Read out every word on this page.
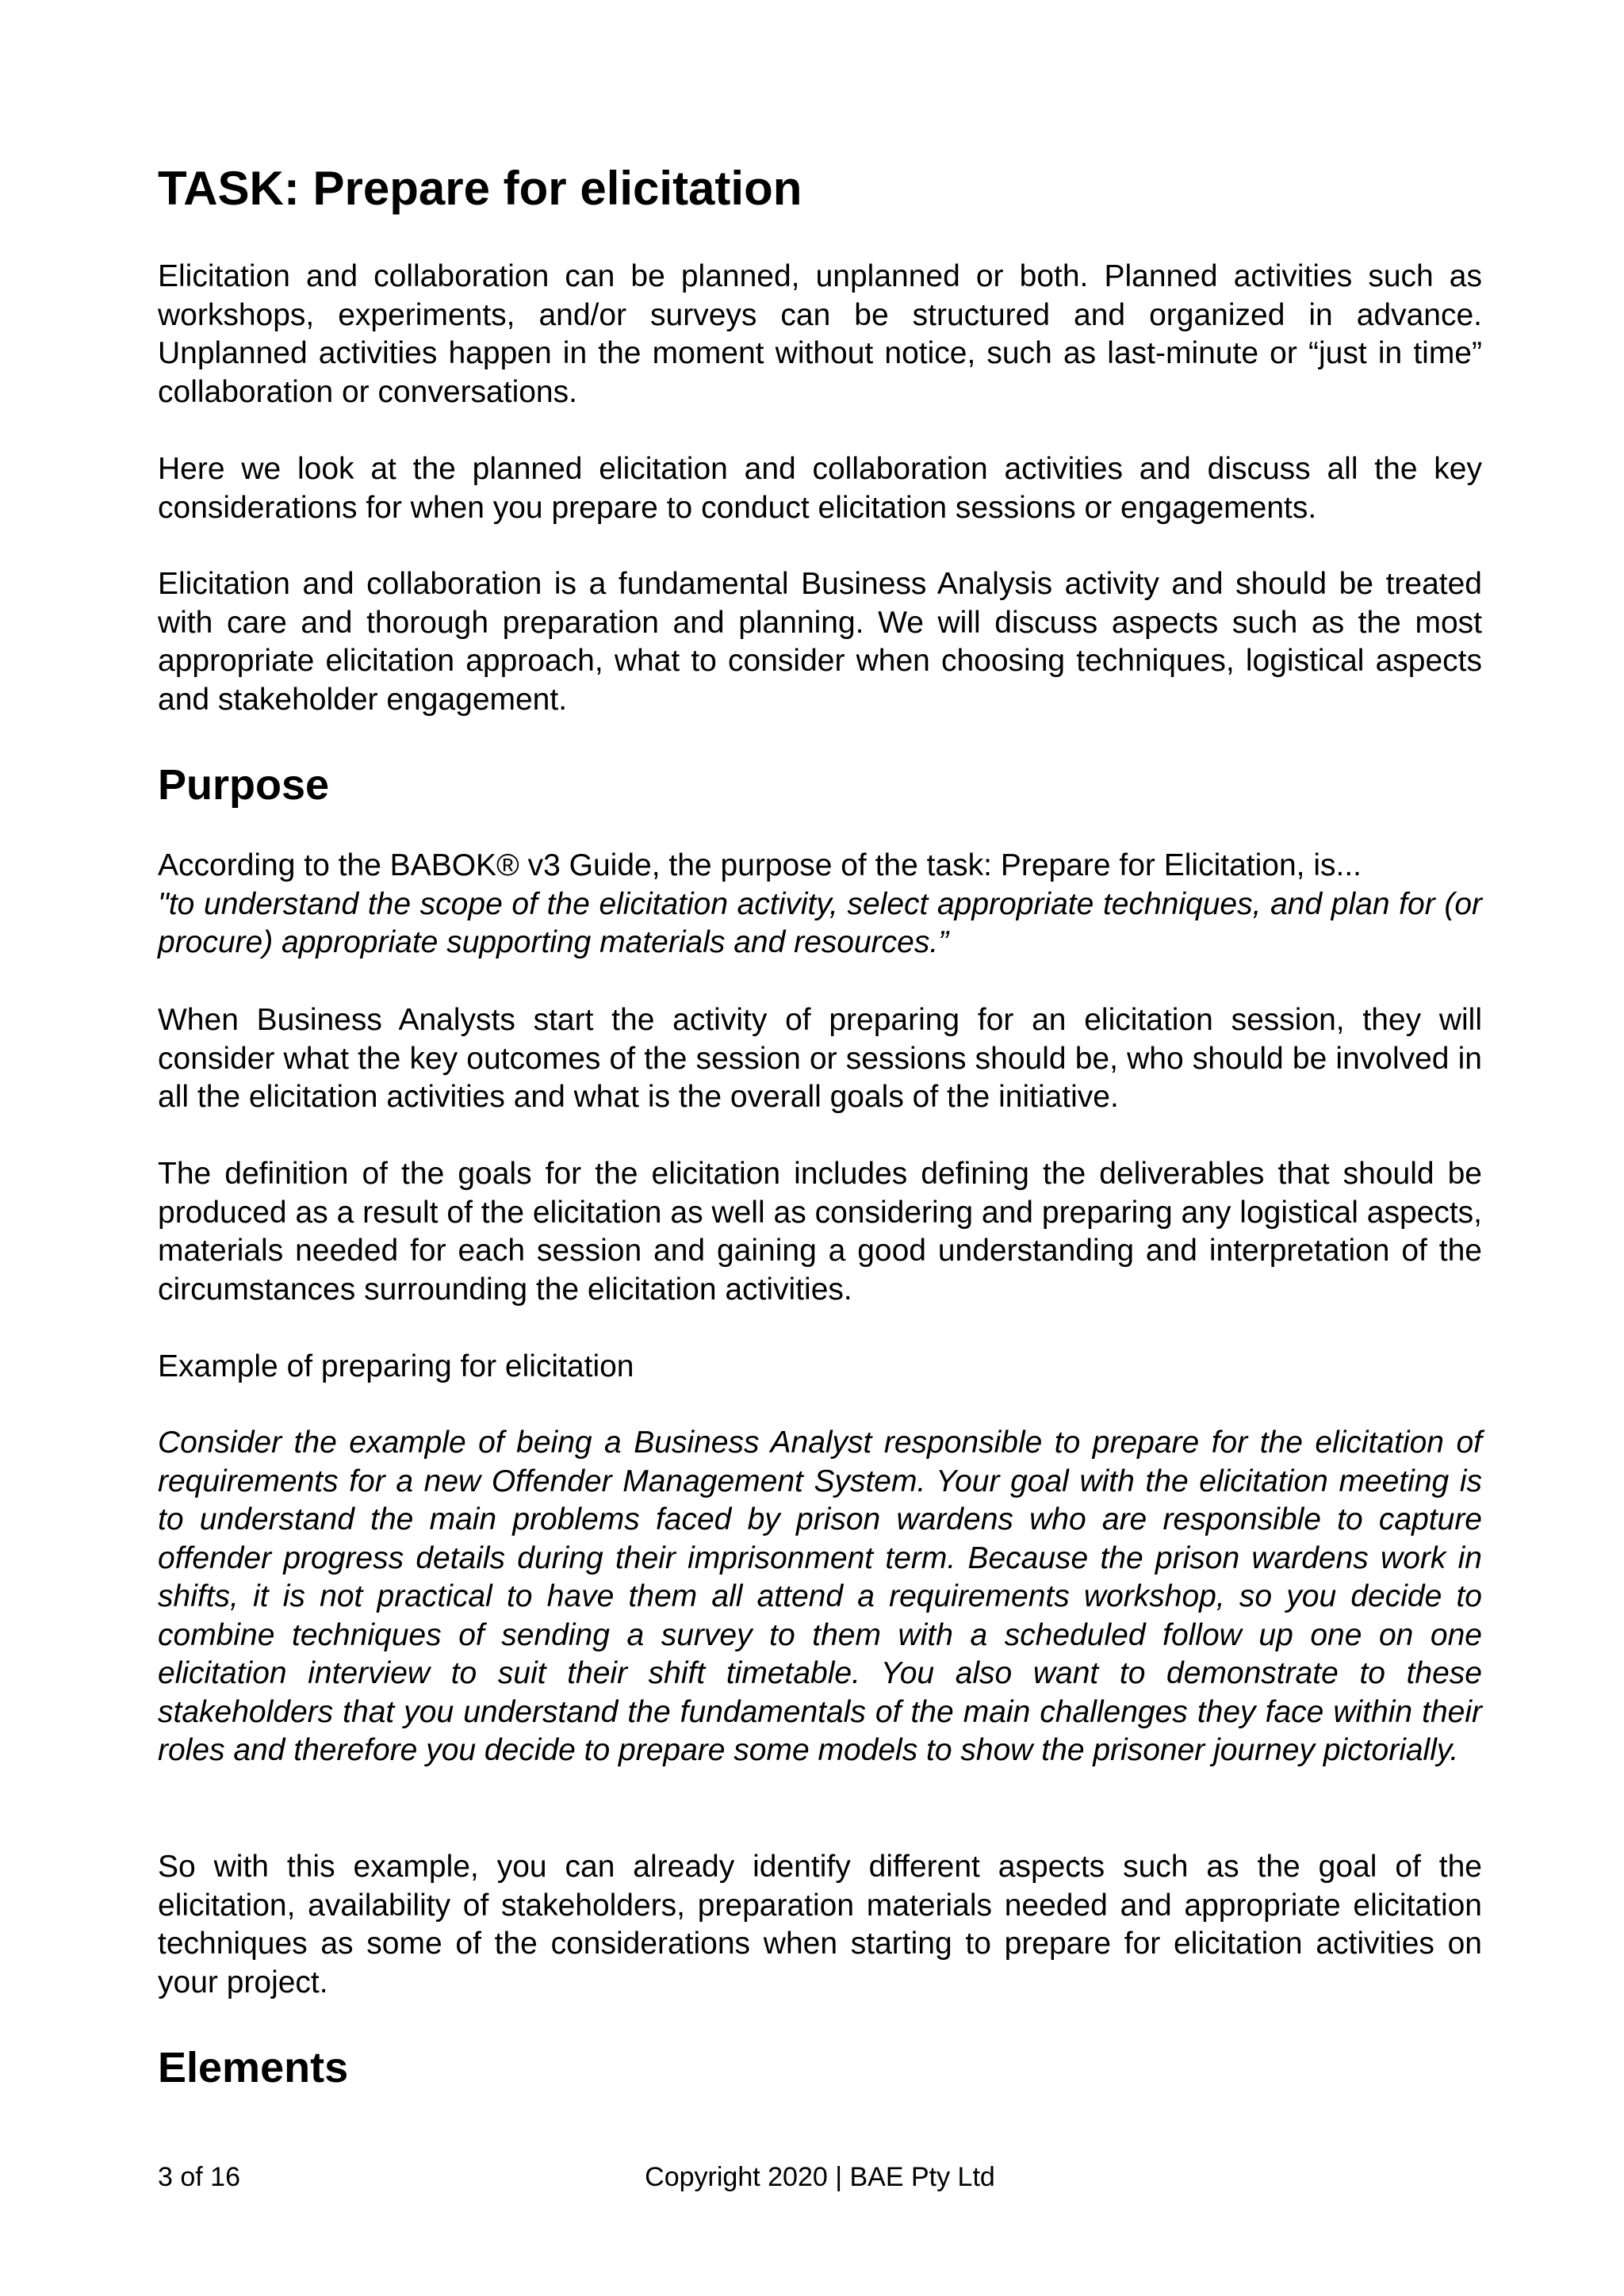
TASK: Prepare for elicitation

Elicitation and collaboration can be planned, unplanned or both. Planned activities such as workshops, experiments, and/or surveys can be structured and organized in advance. Unplanned activities happen in the moment without notice, such as last-minute or “just in time” collaboration or conversations.

Here we look at the planned elicitation and collaboration activities and discuss all the key considerations for when you prepare to conduct elicitation sessions or engagements.

Elicitation and collaboration is a fundamental Business Analysis activity and should be treated with care and thorough preparation and planning. We will discuss aspects such as the most appropriate elicitation approach, what to consider when choosing techniques, logistical aspects and stakeholder engagement.

Purpose
According to the BABOK® v3 Guide, the purpose of the task: Prepare for Elicitation, is...
"to understand the scope of the elicitation activity, select appropriate techniques, and plan for (or procure) appropriate supporting materials and resources.”

When Business Analysts start the activity of preparing for an elicitation session, they will consider what the key outcomes of the session or sessions should be, who should be involved in all the elicitation activities and what is the overall goals of the initiative.

The definition of the goals for the elicitation includes defining the deliverables that should be produced as a result of the elicitation as well as considering and preparing any logistical aspects, materials needed for each session and gaining a good understanding and interpretation of the circumstances surrounding the elicitation activities.

Example of preparing for elicitation

Consider the example of being a Business Analyst responsible to prepare for the elicitation of requirements for a new Offender Management System. Your goal with the elicitation meeting is to understand the main problems faced by prison wardens who are responsible to capture offender progress details during their imprisonment term. Because the prison wardens work in shifts, it is not practical to have them all attend a requirements workshop, so you decide to combine techniques of sending a survey to them with a scheduled follow up one on one elicitation interview to suit their shift timetable. You also want to demonstrate to these stakeholders that you understand the fundamentals of the main challenges they face within their roles and therefore you decide to prepare some models to show the prisoner journey pictorially.

So with this example, you can already identify different aspects such as the goal of the elicitation, availability of stakeholders, preparation materials needed and appropriate elicitation techniques as some of the considerations when starting to prepare for elicitation activities on your project.

Elements
3 of 16	Copyright 2020 | BAE Pty Ltd
